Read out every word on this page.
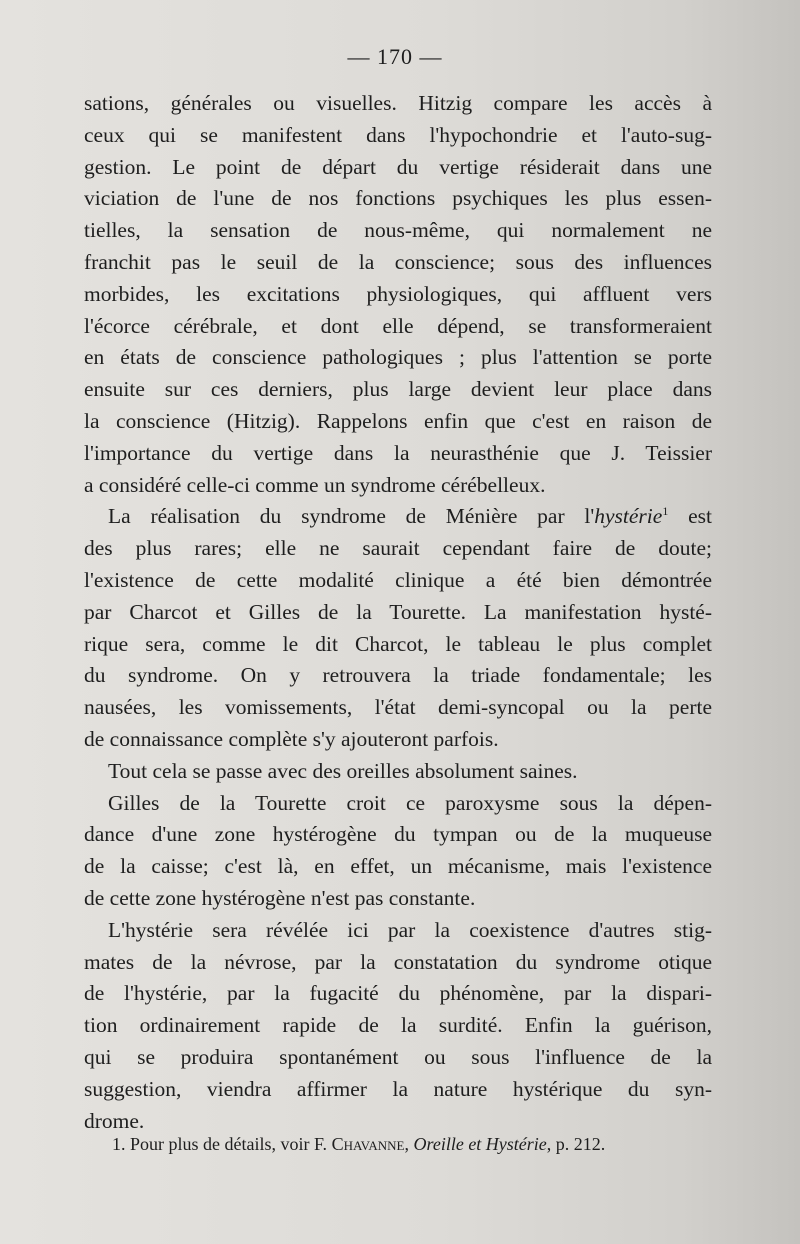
— 170 —
sations, générales ou visuelles. Hitzig compare les accès à
ceux qui se manifestent dans l'hypochondrie et l'auto-sug-
gestion. Le point de départ du vertige résiderait dans une
viciation de l'une de nos fonctions psychiques les plus essen-
tielles, la sensation de nous-même, qui normalement ne
franchit pas le seuil de la conscience; sous des influences
morbides, les excitations physiologiques, qui affluent vers
l'écorce cérébrale, et dont elle dépend, se transformeraient
en états de conscience pathologiques ; plus l'attention se porte
ensuite sur ces derniers, plus large devient leur place dans
la conscience (Hitzig). Rappelons enfin que c'est en raison de
l'importance du vertige dans la neurasthénie que J. Teissier
a considéré celle-ci comme un syndrome cérébelleux.
La réalisation du syndrome de Ménière par l'hystérie$^1$ est
des plus rares; elle ne saurait cependant faire de doute;
l'existence de cette modalité clinique a été bien démontrée
par Charcot et Gilles de la Tourette. La manifestation hysté-
rique sera, comme le dit Charcot, le tableau le plus complet
du syndrome. On y retrouvera la triade fondamentale; les
nausées, les vomissements, l'état demi-syncopal ou la perte
de connaissance complète s'y ajouteront parfois.
Tout cela se passe avec des oreilles absolument saines.
Gilles de la Tourette croit ce paroxysme sous la dépen-
dance d'une zone hystérogène du tympan ou de la muqueuse
de la caisse; c'est là, en effet, un mécanisme, mais l'existence
de cette zone hystérogène n'est pas constante.
L'hystérie sera révélée ici par la coexistence d'autres stig-
mates de la névrose, par la constatation du syndrome otique
de l'hystérie, par la fugacité du phénomène, par la dispari-
tion ordinairement rapide de la surdité. Enfin la guérison,
qui se produira spontanément ou sous l'influence de la
suggestion, viendra affirmer la nature hystérique du syn-
drome.
1. Pour plus de détails, voir F. Chavanne, Oreille et Hystérie, p. 212.
